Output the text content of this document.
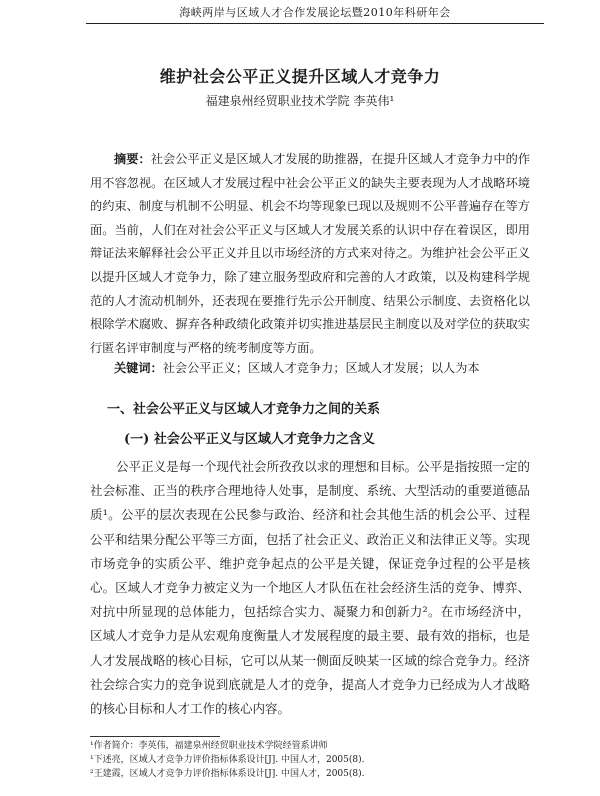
海峡两岸与区域人才合作发展论坛暨2010年科研年会
维护社会公平正义提升区域人才竞争力
福建泉州经贸职业技术学院 李英伟¹

摘要：社会公平正义是区域人才发展的助推器，在提升区域人才竞争力中的作用不容忽视。在区域人才发展过程中社会公平正义的缺失主要表现为人才战略环境的约束、制度与机制不公明显、机会不均等现象已现以及规则不公平普遍存在等方面。当前，人们在对社会公平正义与区域人才发展关系的认识中存在着误区，即用辩证法来解释社会公平正义并且以市场经济的方式来对待之。为维护社会公平正义以提升区域人才竞争力，除了建立服务型政府和完善的人才政策，以及构建科学规范的人才流动机制外，还表现在要推行先示公开制度、结果公示制度、去资格化以根除学术腐败、摒弃各种政绩化政策并切实推进基层民主制度以及对学位的获取实行匿名评审制度与严格的统考制度等方面。

关键词：社会公平正义；区域人才竞争力；区域人才发展；以人为本

一、社会公平正义与区域人才竞争力之间的关系
(一) 社会公平正义与区域人才竞争力之含义

公平正义是每一个现代社会所孜孜以求的理想和目标。公平是指按照一定的社会标准、正当的秩序合理地待人处事，是制度、系统、大型活动的重要道德品质¹。公平的层次表现在公民参与政治、经济和社会其他生活的机会公平、过程公平和结果分配公平等三方面，包括了社会正义、政治正义和法律正义等。实现市场竞争的实质公平、维护竞争起点的公平是关键，保证竞争过程的公平是核心。区域人才竞争力被定义为一个地区人才队伍在社会经济生活的竞争、博弈、对抗中所显现的总体能力，包括综合实力、凝聚力和创新力²。在市场经济中，区域人才竞争力是从宏观角度衡量人才发展程度的最主要、最有效的指标，也是人才发展战略的核心目标，它可以从某一侧面反映某一区域的综合竞争力。经济社会综合实力的竞争说到底就是人才的竞争，提高人才竞争力已经成为人才战略的核心目标和人才工作的核心内容。

¹作者简介：李英伟，福建泉州经贸职业技术学院经管系讲师
¹下述亮，区域人才竞争力评价指标体系设计[J]. 中国人才，2005(8).
²王建霞，区域人才竞争力评价指标体系设计[J]. 中国人才，2005(8).
